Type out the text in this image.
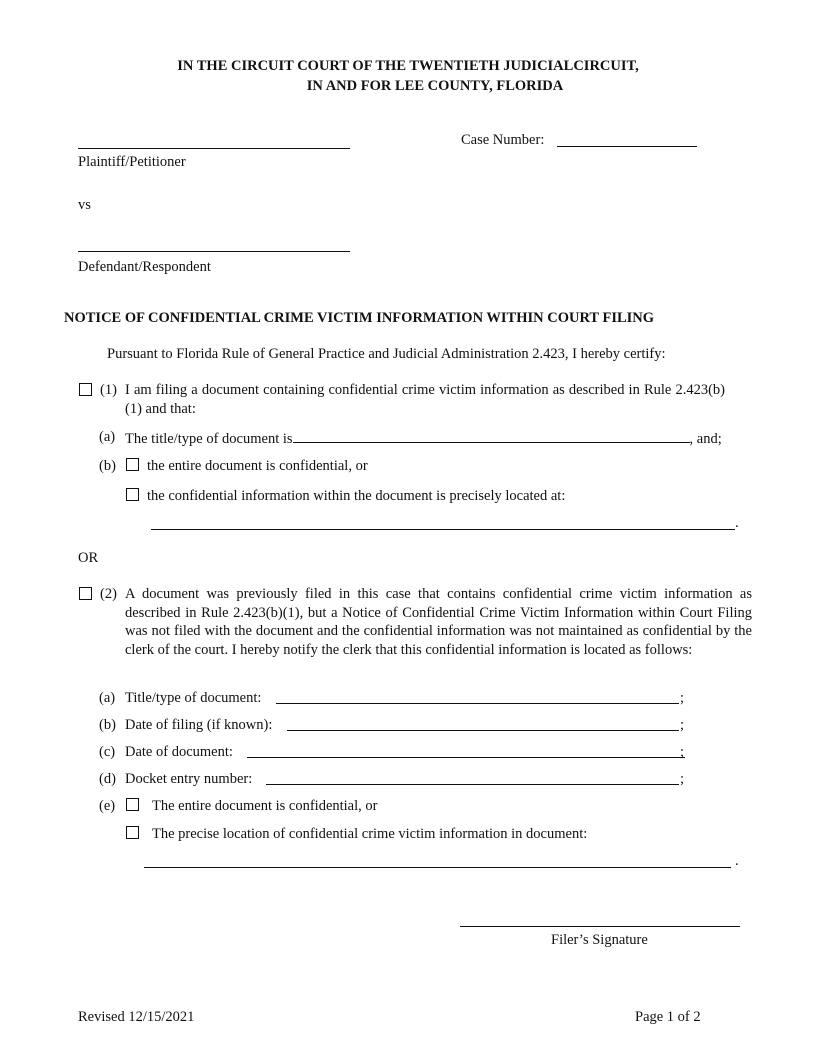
IN THE CIRCUIT COURT OF THE TWENTIETH JUDICIALCIRCUIT,
IN AND FOR LEE COUNTY, FLORIDA
Case Number:
Plaintiff/Petitioner
vs
Defendant/Respondent
NOTICE OF CONFIDENTIAL CRIME VICTIM INFORMATION WITHIN COURT FILING
Pursuant to Florida Rule of General Practice and Judicial Administration 2.423, I hereby certify:
(1) I am filing a document containing confidential crime victim information as described in Rule 2.423(b)(1) and that:
(a) The title/type of document is	, and;
(b) the entire document is confidential, or
the confidential information within the document is precisely located at:
.
OR
(2) A document was previously filed in this case that contains confidential crime victim information as described in Rule 2.423(b)(1), but a Notice of Confidential Crime Victim Information within Court Filing was not filed with the document and the confidential information was not maintained as confidential by the clerk of the court. I hereby notify the clerk that this confidential information is located as follows:
(a) Title/type of document:	;
(b) Date of filing (if known):	;
(c) Date of document:	;
(d) Docket entry number:	;
(e)	The entire document is confidential, or
The precise location of confidential crime victim information in document:
.
Filer’s Signature
Revised 12/15/2021	Page 1 of 2
